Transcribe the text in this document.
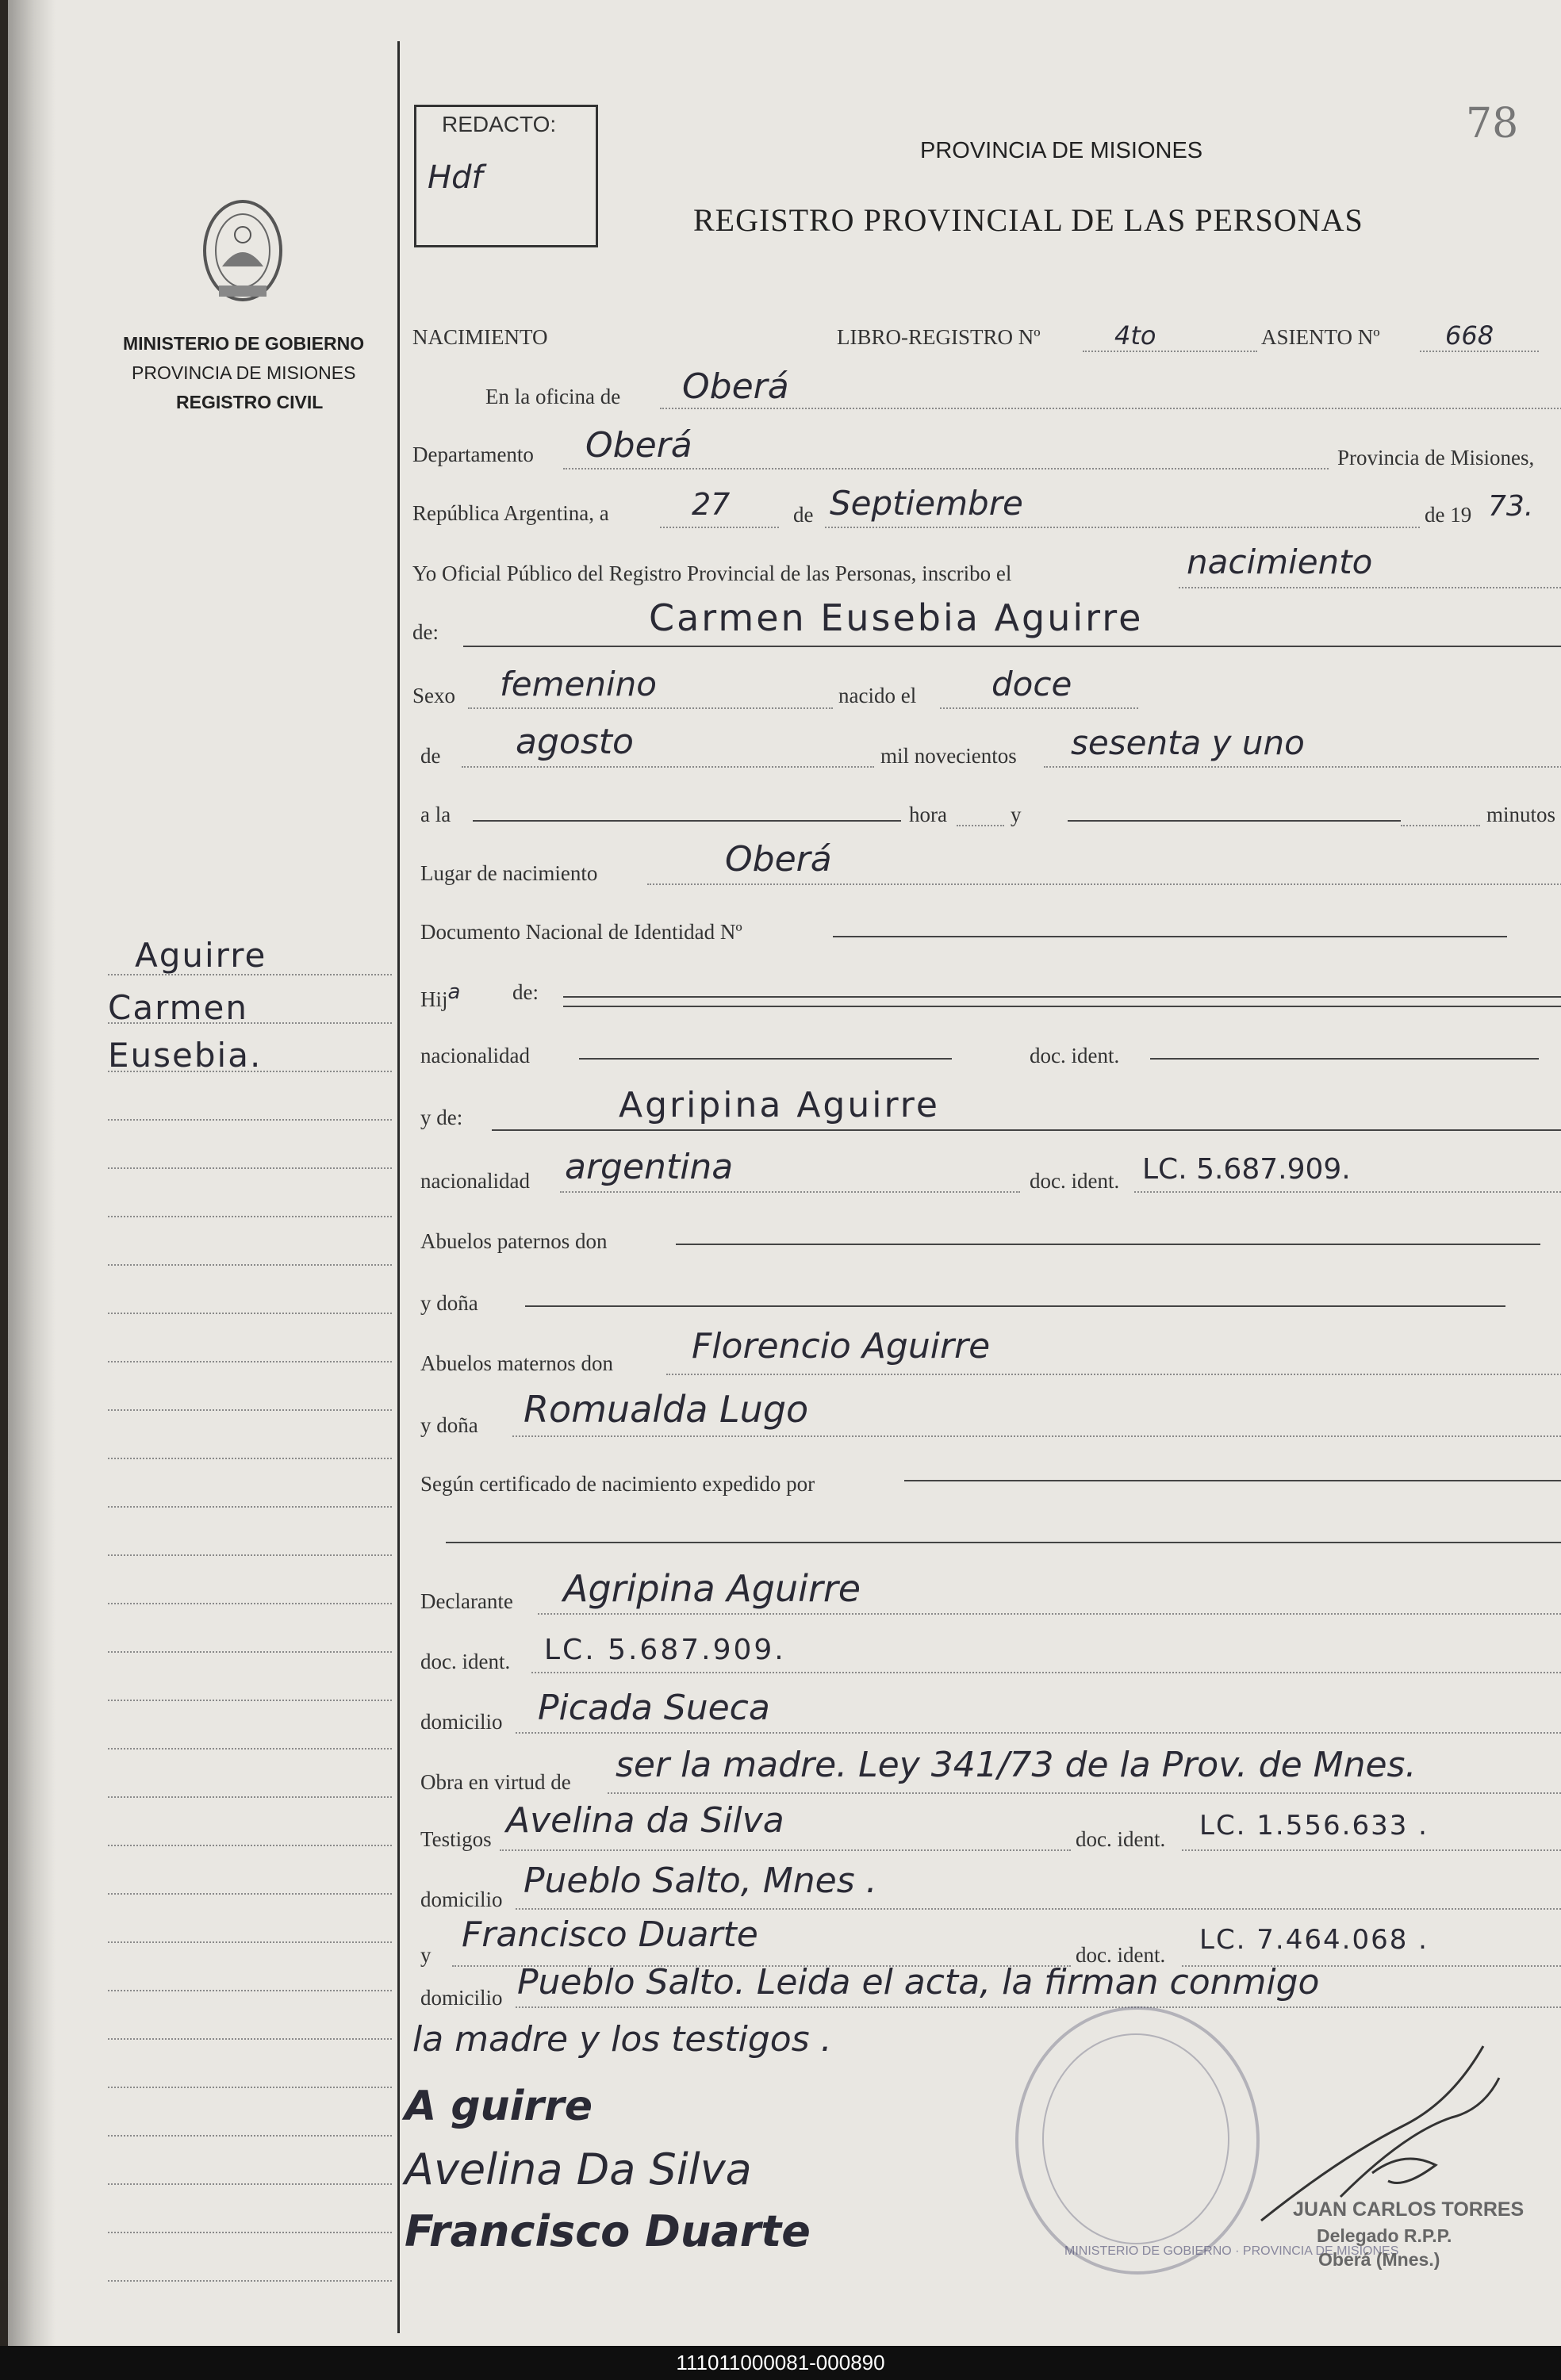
MINISTERIO DE GOBIERNO
PROVINCIA DE MISIONES
REGISTRO CIVIL
REDACTO:
Hdf
78
PROVINCIA DE MISIONES
REGISTRO PROVINCIAL DE LAS PERSONAS
NACIMIENTO	LIBRO-REGISTRO Nº	4to	ASIENTO Nº	668
En la oficina de Oberá
Departamento Oberá	Provincia de Misiones,
República Argentina, a	27	de Septiembre	de 19 73.
Yo Oficial Público del Registro Provincial de las Personas, inscribo el	nacimiento
de:	Carmen Eusebia Aguirre
Sexo femenino	nacido el doce
de agosto	mil novecientos sesenta y uno
a la	hora	y	minutos
Lugar de nacimiento	Oberá
Documento Nacional de Identidad Nº
Hij$^a$ de:
nacionalidad	doc. ident.
y de:	Agripina Aguirre
nacionalidad argentina	doc. ident. LC. 5.687.909.
Abuelos paternos don
y doña
Abuelos maternos don Florencio Aguirre
y doña Romualda Lugo
Según certificado de nacimiento expedido por
Declarante Agripina Aguirre
doc. ident. LC. 5.687.909.
domicilio Picada Sueca
Obra en virtud de ser la madre. Ley 341/73 de la Prov. de Mnes.
Testigos Avelina da Silva	doc. ident. LC. 1.556.633 .
domicilio Pueblo Salto, Mnes .
y Francisco Duarte	doc. ident. LC. 7.464.068 .
domicilio Pueblo Salto. Leida el acta, la firman conmigo
la madre y los testigos .
A guirre
Avelina Da Silva
Francisco Duarte	MINISTERIO DE GOBIERNO · PROVINCIA DE MISIONES
JUAN CARLOS TORRES
Delegado R.P.P.
Oberá (Mnes.)
Aguirre
Carmen
Eusebia.
111011000081-000890
